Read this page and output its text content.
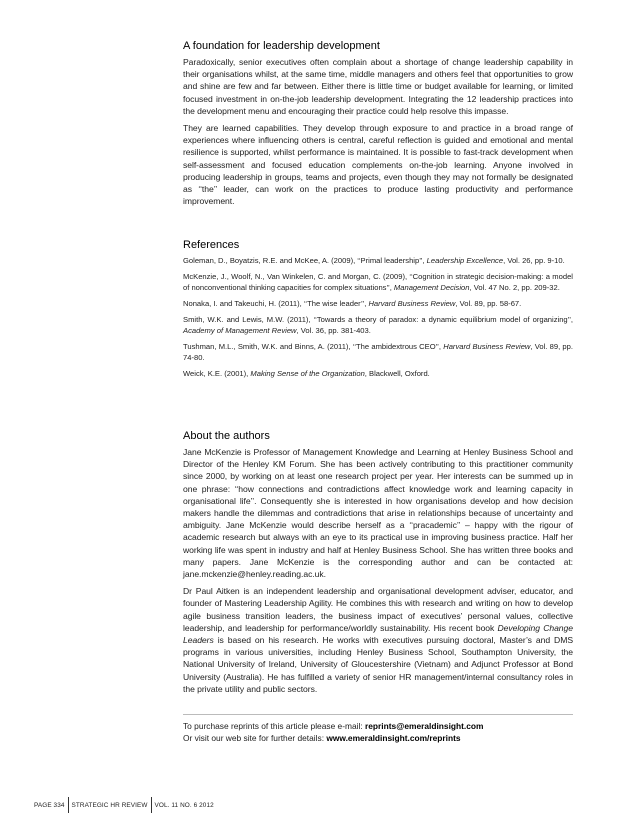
A foundation for leadership development

Paradoxically, senior executives often complain about a shortage of change leadership capability in their organisations whilst, at the same time, middle managers and others feel that opportunities to grow and shine are few and far between. Either there is little time or budget available for learning, or limited focused investment in on-the-job leadership development. Integrating the 12 leadership practices into the development menu and encouraging their practice could help resolve this impasse.

They are learned capabilities. They develop through exposure to and practice in a broad range of experiences where influencing others is central, careful reflection is guided and emotional and mental resilience is supported, whilst performance is maintained. It is possible to fast-track development when self-assessment and focused education complements on-the-job learning. Anyone involved in producing leadership in groups, teams and projects, even though they may not formally be designated as ‘‘the’’ leader, can work on the practices to produce lasting productivity and performance improvement.

References

Goleman, D., Boyatzis, R.E. and McKee, A. (2009), ‘‘Primal leadership’’, Leadership Excellence, Vol. 26, pp. 9-10.

McKenzie, J., Woolf, N., Van Winkelen, C. and Morgan, C. (2009), ‘‘Cognition in strategic decision-making: a model of nonconventional thinking capacities for complex situations’’, Management Decision, Vol. 47 No. 2, pp. 209-32.

Nonaka, I. and Takeuchi, H. (2011), ‘‘The wise leader’’, Harvard Business Review, Vol. 89, pp. 58-67.

Smith, W.K. and Lewis, M.W. (2011), ‘‘Towards a theory of paradox: a dynamic equilibrium model of organizing’’, Academy of Management Review, Vol. 36, pp. 381-403.

Tushman, M.L., Smith, W.K. and Binns, A. (2011), ‘‘The ambidextrous CEO’’, Harvard Business Review, Vol. 89, pp. 74-80.

Weick, K.E. (2001), Making Sense of the Organization, Blackwell, Oxford.

About the authors

Jane McKenzie is Professor of Management Knowledge and Learning at Henley Business School and Director of the Henley KM Forum. She has been actively contributing to this practitioner community since 2000, by working on at least one research project per year. Her interests can be summed up in one phrase: ‘‘how connections and contradictions affect knowledge work and learning capacity in organisational life’’. Consequently she is interested in how organisations develop and how decision makers handle the dilemmas and contradictions that arise in relationships because of uncertainty and ambiguity. Jane McKenzie would describe herself as a ‘‘pracademic’’ – happy with the rigour of academic research but always with an eye to its practical use in improving business practice. Half her working life was spent in industry and half at Henley Business School. She has written three books and many papers. Jane McKenzie is the corresponding author and can be contacted at: jane.mckenzie@henley.reading.ac.uk.

Dr Paul Aitken is an independent leadership and organisational development adviser, educator, and founder of Mastering Leadership Agility. He combines this with research and writing on how to develop agile business transition leaders, the business impact of executives’ personal values, collective leadership, and leadership for performance/worldly sustainability. His recent book Developing Change Leaders is based on his research. He works with executives pursuing doctoral, Master’s and DMS programs in various universities, including Henley Business School, Southampton University, the National University of Ireland, University of Gloucestershire (Vietnam) and Adjunct Professor at Bond University (Australia). He has fulfilled a variety of senior HR management/internal consultancy roles in the private utility and public sectors.

To purchase reprints of this article please e-mail: reprints@emeraldinsight.com

Or visit our web site for further details: www.emeraldinsight.com/reprints

PAGE 334 STRATEGIC HR REVIEW VOL. 11 NO. 6 2012
